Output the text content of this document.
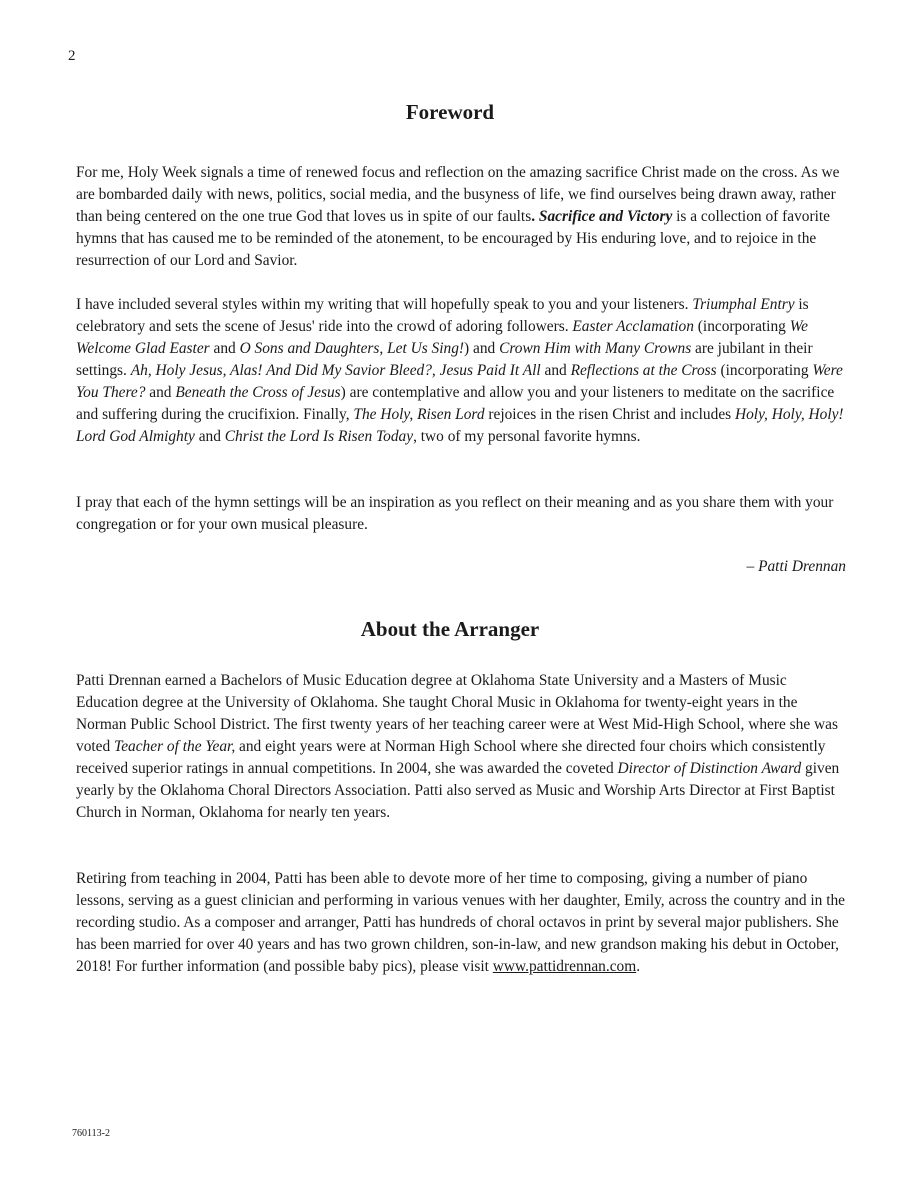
2
Foreword

For me, Holy Week signals a time of renewed focus and reflection on the amazing sacrifice Christ made on the cross. As we are bombarded daily with news, politics, social media, and the busyness of life, we find ourselves being drawn away, rather than being centered on the one true God that loves us in spite of our faults. Sacrifice and Victory is a collection of favorite hymns that has caused me to be reminded of the atonement, to be encouraged by His enduring love, and to rejoice in the resurrection of our Lord and Savior.

I have included several styles within my writing that will hopefully speak to you and your listeners. Triumphal Entry is celebratory and sets the scene of Jesus' ride into the crowd of adoring followers. Easter Acclamation (incorporating We Welcome Glad Easter and O Sons and Daughters, Let Us Sing!) and Crown Him with Many Crowns are jubilant in their settings. Ah, Holy Jesus, Alas! And Did My Savior Bleed?, Jesus Paid It All and Reflections at the Cross (incorporating Were You There? and Beneath the Cross of Jesus) are contemplative and allow you and your listeners to meditate on the sacrifice and suffering during the crucifixion. Finally, The Holy, Risen Lord rejoices in the risen Christ and includes Holy, Holy, Holy! Lord God Almighty and Christ the Lord Is Risen Today, two of my personal favorite hymns.

I pray that each of the hymn settings will be an inspiration as you reflect on their meaning and as you share them with your congregation or for your own musical pleasure.

– Patti Drennan
About the Arranger

Patti Drennan earned a Bachelors of Music Education degree at Oklahoma State University and a Masters of Music Education degree at the University of Oklahoma. She taught Choral Music in Oklahoma for twenty-eight years in the Norman Public School District. The first twenty years of her teaching career were at West Mid-High School, where she was voted Teacher of the Year, and eight years were at Norman High School where she directed four choirs which consistently received superior ratings in annual competitions. In 2004, she was awarded the coveted Director of Distinction Award given yearly by the Oklahoma Choral Directors Association. Patti also served as Music and Worship Arts Director at First Baptist Church in Norman, Oklahoma for nearly ten years.

Retiring from teaching in 2004, Patti has been able to devote more of her time to composing, giving a number of piano lessons, serving as a guest clinician and performing in various venues with her daughter, Emily, across the country and in the recording studio. As a composer and arranger, Patti has hundreds of choral octavos in print by several major publishers. She has been married for over 40 years and has two grown children, son-in-law, and new grandson making his debut in October, 2018! For further information (and possible baby pics), please visit www.pattidrennan.com.

760113-2
